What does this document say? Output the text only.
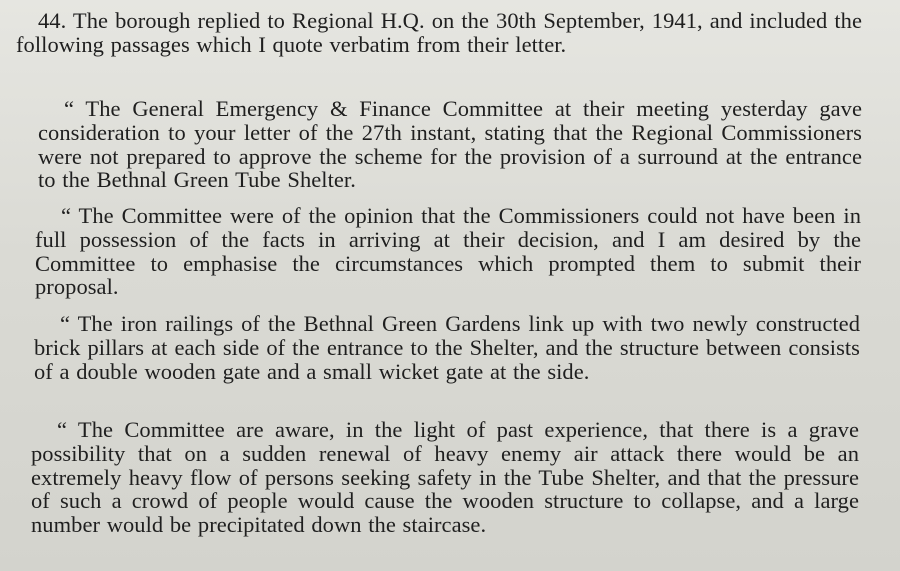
44. The borough replied to Regional H.Q. on the 30th September, 1941, and included the following passages which I quote verbatim from their letter.

“ The General Emergency & Finance Committee at their meeting yesterday gave consideration to your letter of the 27th instant, stating that the Regional Commissioners were not prepared to approve the scheme for the provision of a surround at the entrance to the Bethnal Green Tube Shelter.

“ The Committee were of the opinion that the Commissioners could not have been in full possession of the facts in arriving at their decision, and I am desired by the Committee to emphasise the circumstances which prompted them to submit their proposal.

“ The iron railings of the Bethnal Green Gardens link up with two newly constructed brick pillars at each side of the entrance to the Shelter, and the structure between consists of a double wooden gate and a small wicket gate at the side.

“ The Committee are aware, in the light of past experience, that there is a grave possibility that on a sudden renewal of heavy enemy air attack there would be an extremely heavy flow of persons seeking safety in the Tube Shelter, and that the pressure of such a crowd of people would cause the wooden structure to collapse, and a large number would be precipitated down the staircase.
